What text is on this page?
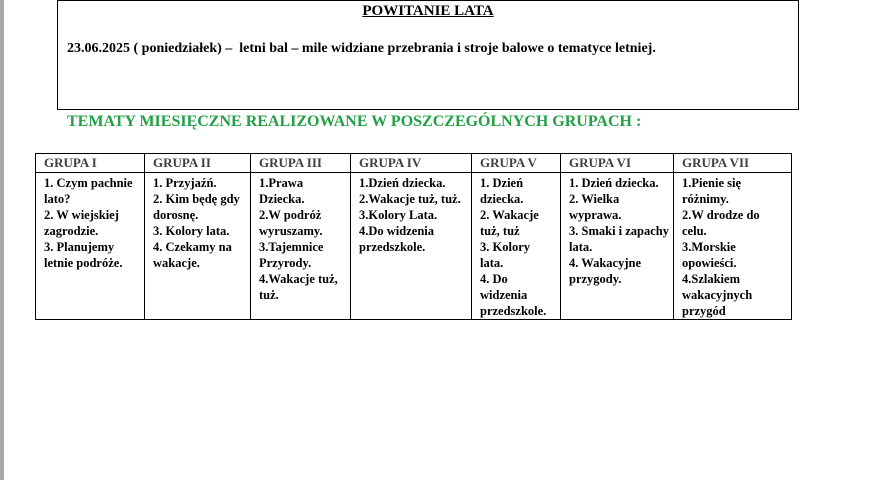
POWITANIE LATA
23.06.2025 ( poniedziałek) –  letni bal – mile widziane przebrania i stroje balowe o tematyce letniej.
TEMATY MIESIĘCZNE REALIZOWANE W POSZCZEGÓLNYCH GRUPACH :
GRUPA I	GRUPA II	GRUPA III	GRUPA IV	GRUPA V	GRUPA VI	GRUPA VII

1. Czym pachnie lato?
2. W wiejskiej zagrodzie.
3. Planujemy letnie podróże.	1. Przyjaźń.
2. Kim będę gdy dorosnę.
3. Kolory lata.
4. Czekamy na wakacje.	1.Prawa Dziecka.
2.W podróż wyruszamy.
3.Tajemnice Przyrody.
4.Wakacje tuż, tuż.	1.Dzień dziecka.
2.Wakacje tuż, tuż.
3.Kolory Lata.
4.Do widzenia przedszkole.	1. Dzień dziecka.
2. Wakacje tuż, tuż
3. Kolory lata.
4. Do widzenia przedszkole.	1. Dzień dziecka.
2. Wielka wyprawa.
3. Smaki i zapachy lata.
4. Wakacyjne przygody.	1.Pienie się różnimy.
2.W drodze do celu.
3.Morskie opowieści.
4.Szlakiem wakacyjnych przygód
